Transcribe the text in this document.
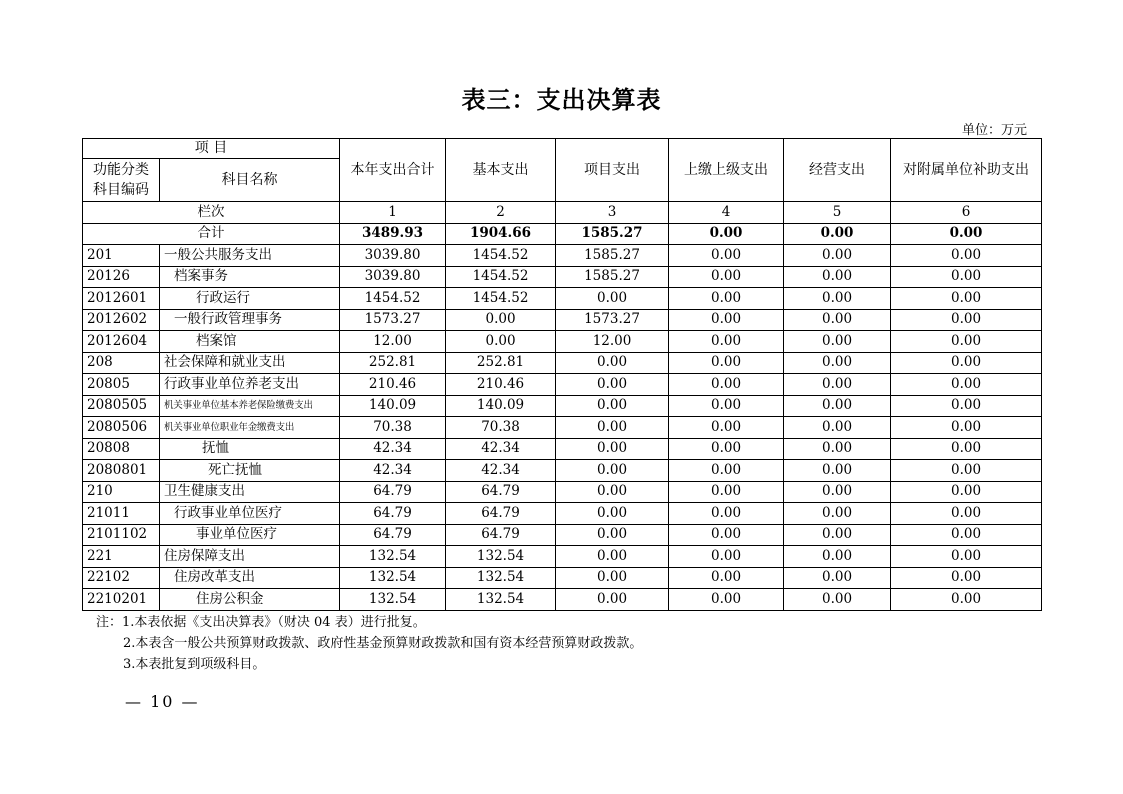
表三：支出决算表
单位：万元
项 目		本年支出合计	基本支出	项目支出	上缴上级支出	经营支出	对附属单位补助支出
功能分类
科目编码	科目名称						
栏次		1	2	3	4	5	6
合计		3489.93	1904.66	1585.27	0.00	0.00	0.00
201	一般公共服务支出	3039.80	1454.52	1585.27	0.00	0.00	0.00
20126	档案事务	3039.80	1454.52	1585.27	0.00	0.00	0.00
2012601	行政运行	1454.52	1454.52	0.00	0.00	0.00	0.00
2012602	一般行政管理事务	1573.27	0.00	1573.27	0.00	0.00	0.00
2012604	档案馆	12.00	0.00	12.00	0.00	0.00	0.00
208	社会保障和就业支出	252.81	252.81	0.00	0.00	0.00	0.00
20805	行政事业单位养老支出	210.46	210.46	0.00	0.00	0.00	0.00
2080505	机关事业单位基本养老保险缴费支出	140.09	140.09	0.00	0.00	0.00	0.00
2080506	机关事业单位职业年金缴费支出	70.38	70.38	0.00	0.00	0.00	0.00
20808	抚恤	42.34	42.34	0.00	0.00	0.00	0.00
2080801	死亡抚恤	42.34	42.34	0.00	0.00	0.00	0.00
210	卫生健康支出	64.79	64.79	0.00	0.00	0.00	0.00
21011	行政事业单位医疗	64.79	64.79	0.00	0.00	0.00	0.00
2101102	事业单位医疗	64.79	64.79	0.00	0.00	0.00	0.00
221	住房保障支出	132.54	132.54	0.00	0.00	0.00	0.00
22102	住房改革支出	132.54	132.54	0.00	0.00	0.00	0.00
2210201	住房公积金	132.54	132.54	0.00	0.00	0.00	0.00
注：1.本表依据《支出决算表》（财决 04 表）进行批复。
2.本表含一般公共预算财政拨款、政府性基金预算财政拨款和国有资本经营预算财政拨款。
3.本表批复到项级科目。
— 10 —
